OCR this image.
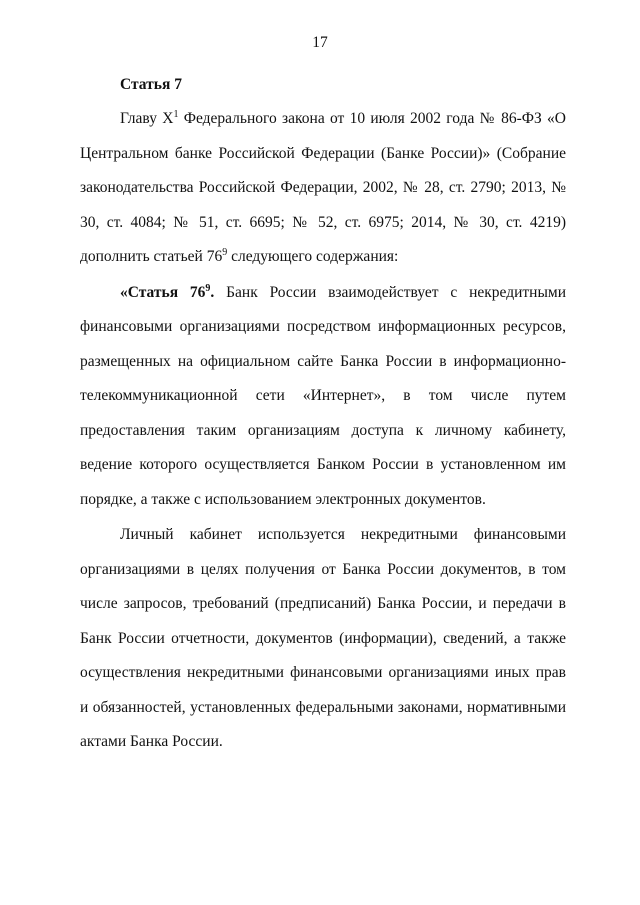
17

Статья 7

Главу $X^1$ Федерального закона от 10 июля 2002 года № 86-ФЗ «О Центральном банке Российской Федерации (Банке России)» (Собрание законодательства Российской Федерации, 2002, № 28, ст. 2790; 2013, № 30, ст. 4084; № 51, ст. 6695; № 52, ст. 6975; 2014, № 30, ст. 4219) дополнить статьей $76^9$ следующего содержания:

«Статья $76^9$. Банк России взаимодействует с некредитными финансовыми организациями посредством информационных ресурсов, размещенных на официальном сайте Банка России в информационно-телекоммуникационной сети «Интернет», в том числе путем предоставления таким организациям доступа к личному кабинету, ведение которого осуществляется Банком России в установленном им порядке, а также с использованием электронных документов.

Личный кабинет используется некредитными финансовыми организациями в целях получения от Банка России документов, в том числе запросов, требований (предписаний) Банка России, и передачи в Банк России отчетности, документов (информации), сведений, а также осуществления некредитными финансовыми организациями иных прав и обязанностей, установленных федеральными законами, нормативными актами Банка России.
